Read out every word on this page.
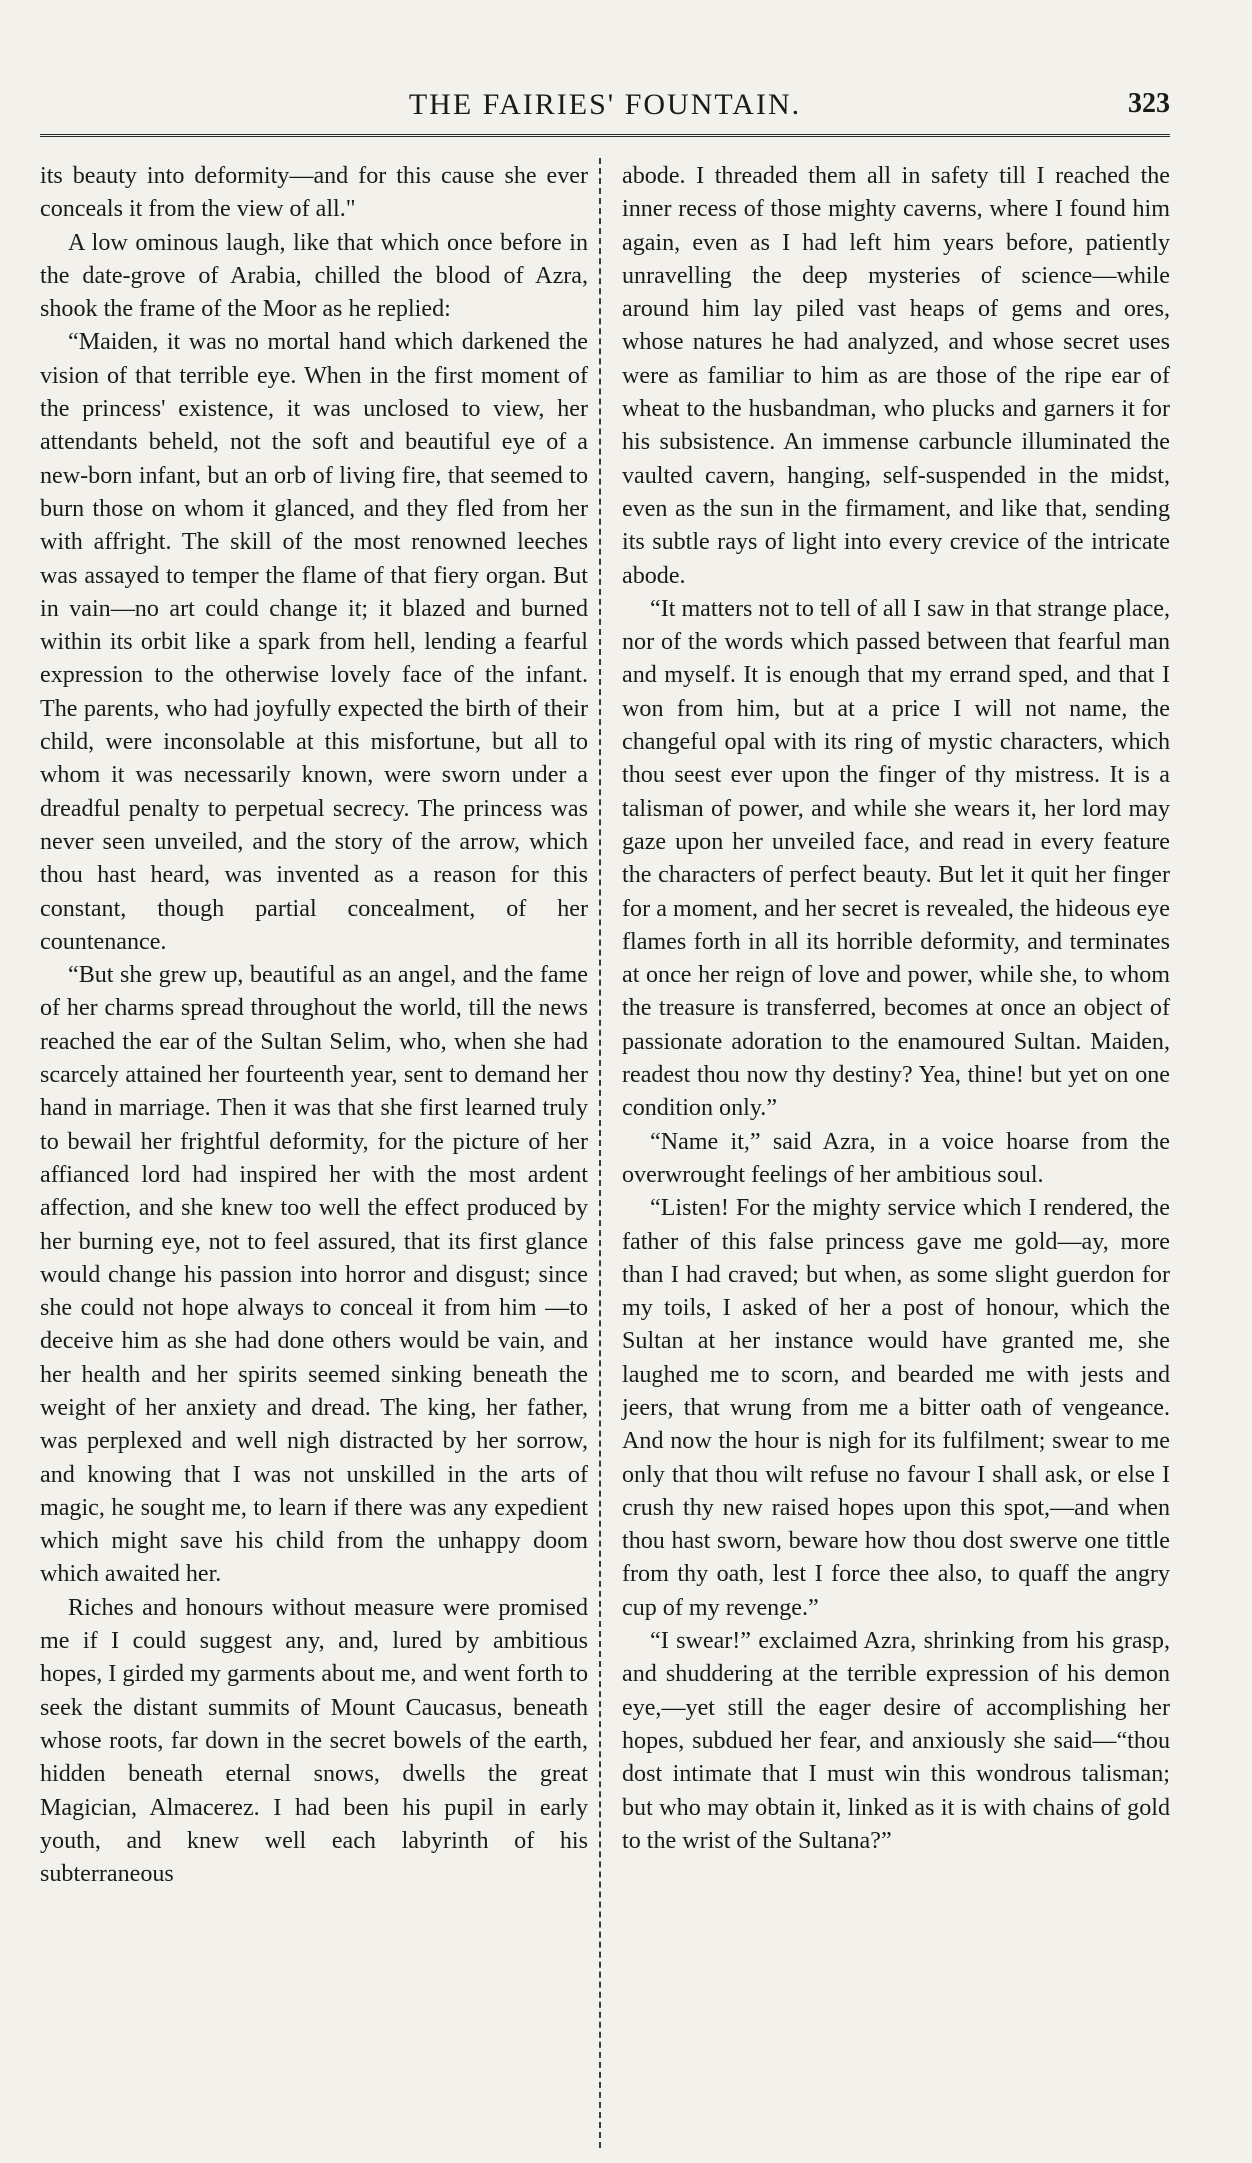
THE FAIRIES' FOUNTAIN.	323

its beauty into deformity—and for this cause she ever conceals it from the view of all."

A low ominous laugh, like that which once before in the date-grove of Arabia, chilled the blood of Azra, shook the frame of the Moor as he replied:

“Maiden, it was no mortal hand which darkened the vision of that terrible eye. When in the first moment of the princess' existence, it was unclosed to view, her attendants beheld, not the soft and beautiful eye of a new-born infant, but an orb of living fire, that seemed to burn those on whom it glanced, and they fled from her with affright. The skill of the most renowned leeches was assayed to temper the flame of that fiery organ. But in vain—no art could change it; it blazed and burned within its orbit like a spark from hell, lending a fearful expression to the otherwise lovely face of the infant. The parents, who had joyfully expected the birth of their child, were inconsolable at this misfortune, but all to whom it was necessarily known, were sworn under a dreadful penalty to perpetual secrecy. The princess was never seen unveiled, and the story of the arrow, which thou hast heard, was invented as a reason for this constant, though partial concealment, of her countenance.

“But she grew up, beautiful as an angel, and the fame of her charms spread throughout the world, till the news reached the ear of the Sultan Selim, who, when she had scarcely attained her fourteenth year, sent to demand her hand in marriage. Then it was that she first learned truly to bewail her frightful deformity, for the picture of her affianced lord had inspired her with the most ardent affection, and she knew too well the effect produced by her burning eye, not to feel assured, that its first glance would change his passion into horror and disgust; since she could not hope always to conceal it from him —to deceive him as she had done others would be vain, and her health and her spirits seemed sinking beneath the weight of her anxiety and dread. The king, her father, was perplexed and well nigh distracted by her sorrow, and knowing that I was not unskilled in the arts of magic, he sought me, to learn if there was any expedient which might save his child from the unhappy doom which awaited her.

Riches and honours without measure were promised me if I could suggest any, and, lured by ambitious hopes, I girded my garments about me, and went forth to seek the distant summits of Mount Caucasus, beneath whose roots, far down in the secret bowels of the earth, hidden beneath eternal snows, dwells the great Magician, Almacerez. I had been his pupil in early youth, and knew well each labyrinth of his subterraneous

abode. I threaded them all in safety till I reached the inner recess of those mighty caverns, where I found him again, even as I had left him years before, patiently unravelling the deep mysteries of science—while around him lay piled vast heaps of gems and ores, whose natures he had analyzed, and whose secret uses were as familiar to him as are those of the ripe ear of wheat to the husbandman, who plucks and garners it for his subsistence. An immense carbuncle illuminated the vaulted cavern, hanging, self-suspended in the midst, even as the sun in the firmament, and like that, sending its subtle rays of light into every crevice of the intricate abode.

“It matters not to tell of all I saw in that strange place, nor of the words which passed between that fearful man and myself. It is enough that my errand sped, and that I won from him, but at a price I will not name, the changeful opal with its ring of mystic characters, which thou seest ever upon the finger of thy mistress. It is a talisman of power, and while she wears it, her lord may gaze upon her unveiled face, and read in every feature the characters of perfect beauty. But let it quit her finger for a moment, and her secret is revealed, the hideous eye flames forth in all its horrible deformity, and terminates at once her reign of love and power, while she, to whom the treasure is transferred, becomes at once an object of passionate adoration to the enamoured Sultan. Maiden, readest thou now thy destiny? Yea, thine! but yet on one condition only.”

“Name it,” said Azra, in a voice hoarse from the overwrought feelings of her ambitious soul.

“Listen! For the mighty service which I rendered, the father of this false princess gave me gold—ay, more than I had craved; but when, as some slight guerdon for my toils, I asked of her a post of honour, which the Sultan at her instance would have granted me, she laughed me to scorn, and bearded me with jests and jeers, that wrung from me a bitter oath of vengeance. And now the hour is nigh for its fulfilment; swear to me only that thou wilt refuse no favour I shall ask, or else I crush thy new raised hopes upon this spot,—and when thou hast sworn, beware how thou dost swerve one tittle from thy oath, lest I force thee also, to quaff the angry cup of my revenge.”

“I swear!” exclaimed Azra, shrinking from his grasp, and shuddering at the terrible expression of his demon eye,—yet still the eager desire of accomplishing her hopes, subdued her fear, and anxiously she said—“thou dost intimate that I must win this wondrous talisman; but who may obtain it, linked as it is with chains of gold to the wrist of the Sultana?”
